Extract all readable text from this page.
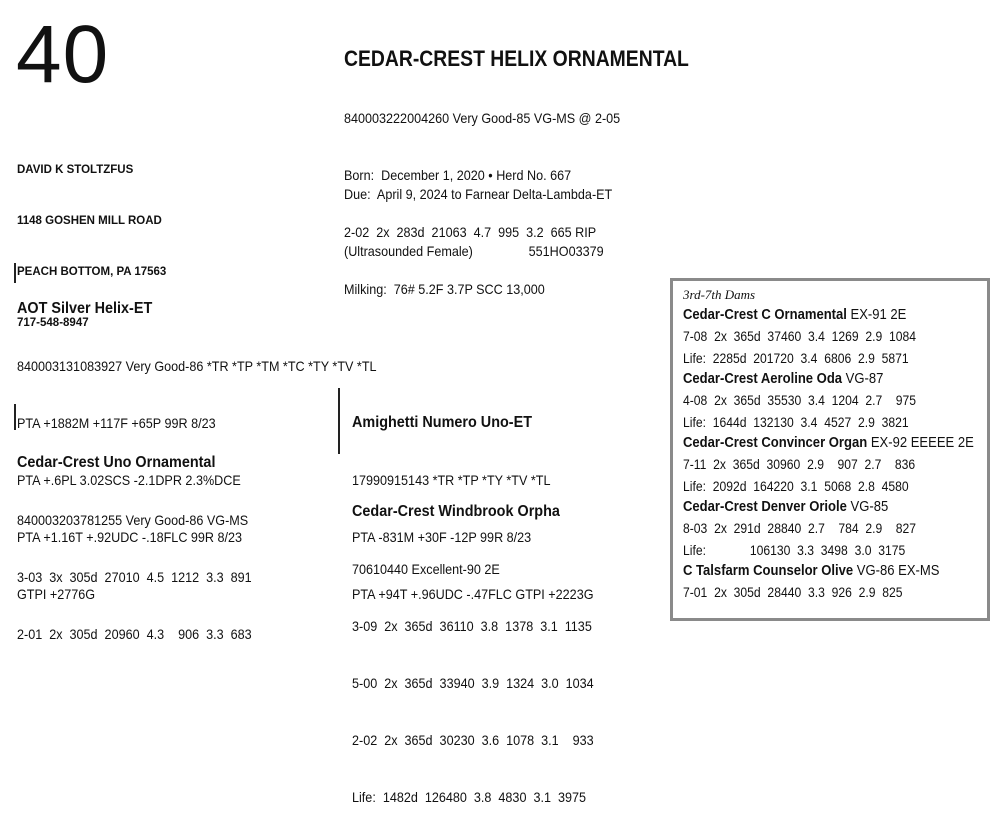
40

DAVID K STOLTZFUS

1148 GOSHEN MILL ROAD

PEACH BOTTOM, PA 17563

717-548-8947

CEDAR-CREST HELIX ORNAMENTAL

840003222004260 Very Good-85 VG-MS @ 2-05

Born:  December 1, 2020 • Herd No. 667

2-02  2x  283d  21063  4.7  995  3.2  665 RIP

Milking:  76# 5.2F 3.7P SCC 13,000

Due:  April 9, 2024 to Farnear Delta-Lambda-ET

(Ultrasounded Female)	551HO03379

AOT Silver Helix-ET

840003131083927 Very Good-86 *TR *TP *TM *TC *TY *TV *TL

PTA +1882M +117F +65P 99R 8/23

PTA +.6PL 3.02SCS -2.1DPR 2.3%DCE

PTA +1.16T +.92UDC -.18FLC 99R 8/23

GTPI +2776G

Cedar-Crest Uno Ornamental

840003203781255 Very Good-86 VG-MS

3-03  3x  305d  27010  4.5  1212  3.3  891

2-01  2x  305d  20960  4.3    906  3.3  683

Amighetti Numero Uno-ET

17990915143 *TR *TP *TY *TV *TL

PTA -831M +30F -12P 99R 8/23

PTA +94T +.96UDC -.47FLC GTPI +2223G

Cedar-Crest Windbrook Orpha

70610440 Excellent-90 2E

3-09  2x  365d  36110  3.8  1378  3.1  1135

5-00  2x  365d  33940  3.9  1324  3.0  1034

2-02  2x  365d  30230  3.6  1078  3.1    933

Life:  1482d  126480  3.8  4830  3.1  3975

3rd-7th Dams
Cedar-Crest C Ornamental EX-91 2E
7-08  2x  365d  37460  3.4  1269  2.9  1084
Life:  2285d  201720  3.4  6806  2.9  5871
Cedar-Crest Aeroline Oda VG-87
4-08  2x  365d  35530  3.4  1204  2.7    975
Life:  1644d  132130  3.4  4527  2.9  3821
Cedar-Crest Convincer Organ EX-92 EEEEE 2E
7-11  2x  365d  30960  2.9    907  2.7    836
Life:  2092d  164220  3.1  5068  2.8  4580
Cedar-Crest Denver Oriole VG-85
8-03  2x  291d  28840  2.7    784  2.9    827
Life:             106130  3.3  3498  3.0  3175
C Talsfarm Counselor Olive VG-86 EX-MS
7-01  2x  305d  28440  3.3  926  2.9  825
